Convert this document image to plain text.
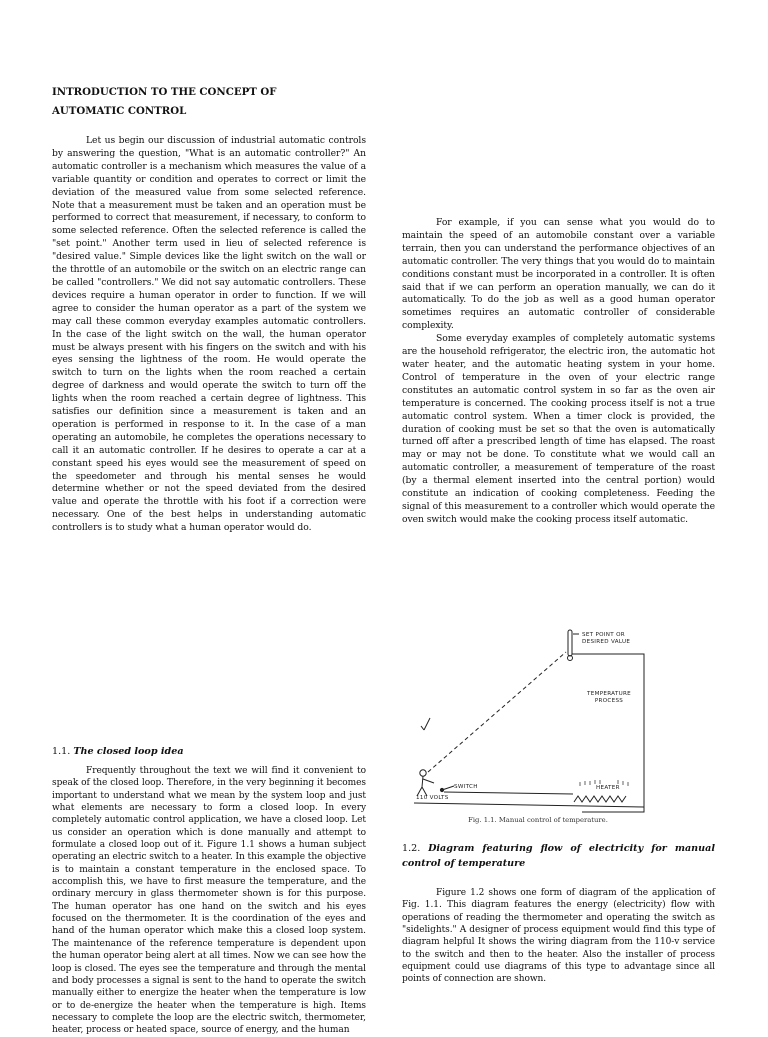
INTRODUCTION TO THE CONCEPT OF
AUTOMATIC CONTROL

Let us begin our discussion of industrial automatic controls by answering the question, "What is an automatic controller?" An automatic controller is a mechanism which measures the value of a variable quantity or condition and operates to correct or limit the deviation of the measured value from some selected reference. Note that a measurement must be taken and an operation must be performed to correct that measurement, if necessary, to conform to some selected reference. Often the selected reference is called the "set point." Another term used in lieu of selected reference is "desired value." Simple devices like the light switch on the wall or the throttle of an automobile or the switch on an electric range can be called "controllers." We did not say automatic controllers. These devices require a human operator in order to function. If we will agree to consider the human operator as a part of the system we may call these common everyday examples automatic controllers. In the case of the light switch on the wall, the human operator must be always present with his fingers on the switch and with his eyes sensing the lightness of the room. He would operate the switch to turn on the lights when the room reached a certain degree of darkness and would operate the switch to turn off the lights when the room reached a certain degree of lightness. This satisfies our definition since a measurement is taken and an operation is performed in response to it. In the case of a man operating an automobile, he completes the operations necessary to call it an automatic controller. If he desires to operate a car at a constant speed his eyes would see the measurement of speed on the speedometer and through his mental senses he would determine whether or not the speed deviated from the desired value and operate the throttle with his foot if a correction were necessary. One of the best helps in understanding automatic controllers is to study what a human operator would do.

For example, if you can sense what you would do to maintain the speed of an automobile constant over a variable terrain, then you can understand the performance objectives of an automatic controller. The very things that you would do to maintain conditions constant must be incorporated in a controller. It is often said that if we can perform an operation manually, we can do it automatically. To do the job as well as a good human operator sometimes requires an automatic controller of considerable complexity.

Some everyday examples of completely automatic systems are the household refrigerator, the electric iron, the automatic hot water heater, and the automatic heating system in your home. Control of temperature in the oven of your electric range constitutes an automatic control system in so far as the oven air temperature is concerned. The cooking process itself is not a true automatic control system. When a timer clock is provided, the duration of cooking must be set so that the oven is automatically turned off after a prescribed length of time has elapsed. The roast may or may not be done. To constitute what we would call an automatic controller, a measurement of temperature of the roast (by a thermal element inserted into the central portion) would constitute an indication of cooking completeness. Feeding the signal of this measurement to a controller which would operate the oven switch would make the cooking process itself automatic.

SET POINT OR
DESIRED VALUE
TEMPERATURE
PROCESS
SWITCH	HEATER
110 VOLTS
Fig. 1.1. Manual control of temperature.
1.1. The closed loop idea

Frequently throughout the text we will find it convenient to speak of the closed loop. Therefore, in the very beginning it becomes important to understand what we mean by the system loop and just what elements are necessary to form a closed loop. In every completely automatic control application, we have a closed loop. Let us consider an operation which is done manually and attempt to formulate a closed loop out of it. Figure 1.1 shows a human subject operating an electric switch to a heater. In this example the objective is to maintain a constant temperature in the enclosed space. To accomplish this, we have to first measure the temperature, and the ordinary mercury in glass thermometer shown is for this purpose. The human operator has one hand on the switch and his eyes focused on the thermometer. It is the coordination of the eyes and hand of the human operator which make this a closed loop system. The maintenance of the reference temperature is dependent upon the human operator being alert at all times. Now we can see how the loop is closed. The eyes see the temperature and through the mental and body processes a signal is sent to the hand to operate the switch manually either to energize the heater when the temperature is low or to de-energize the heater when the temperature is high. Items necessary to complete the loop are the electric switch, thermometer, heater, process or heated space, source of energy, and the human

1.2. Diagram featuring flow of electricity for manual control of temperature

Figure 1.2 shows one form of diagram of the application of Fig. 1.1. This diagram features the energy (electricity) flow with operations of reading the thermometer and operating the switch as "sidelights." A designer of process equipment would find this type of diagram helpful It shows the wiring diagram from the 110-v service to the switch and then to the heater. Also the installer of process equipment could use diagrams of this type to advantage since all points of connection are shown.
